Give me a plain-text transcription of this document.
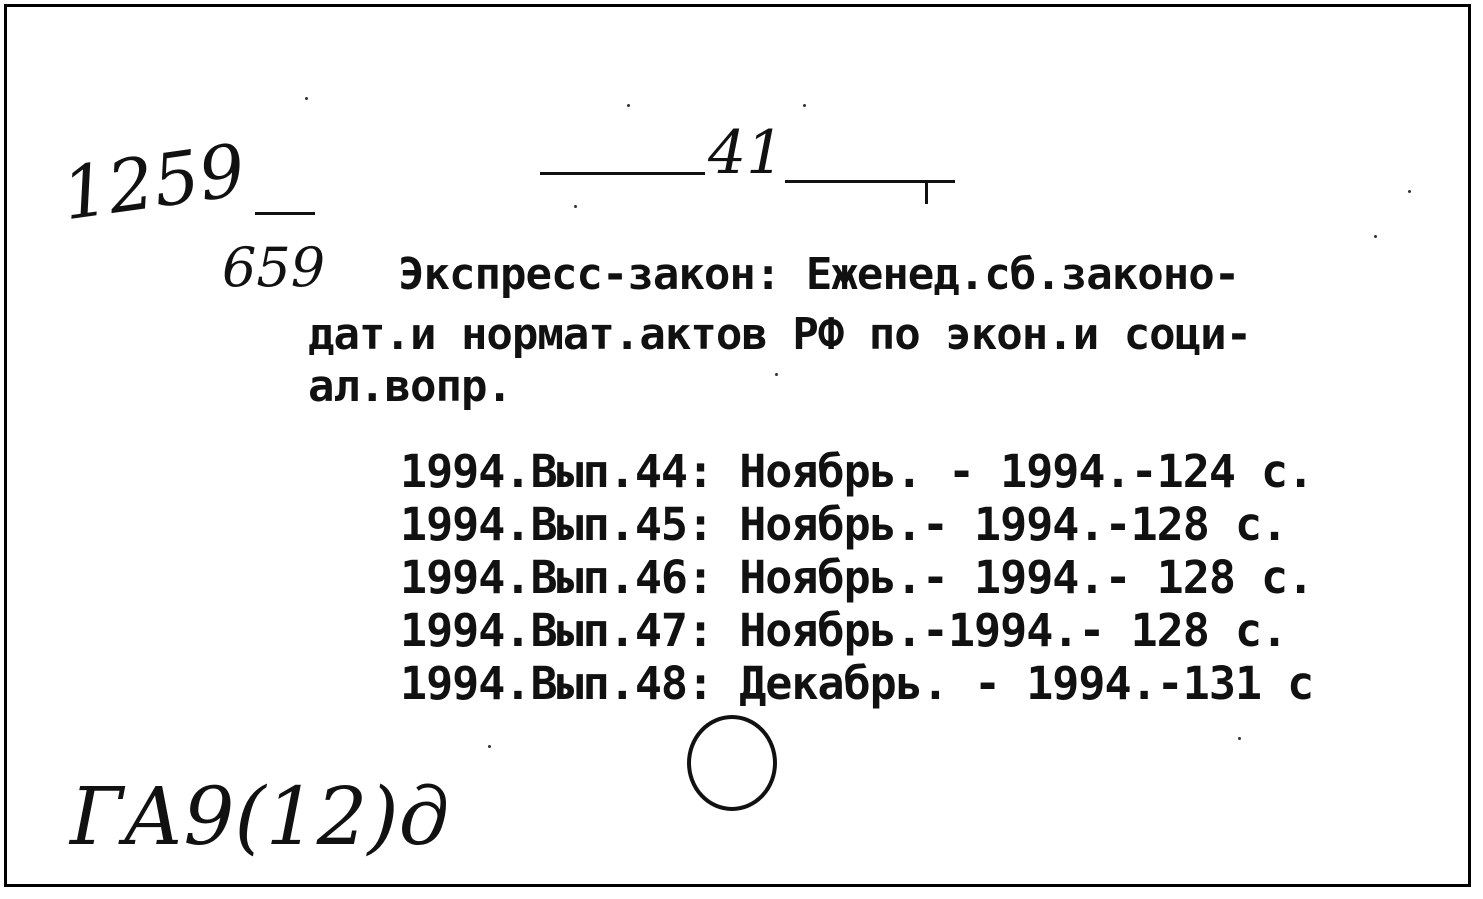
41
1259
659 Экспресс-закон: Еженед.сб.законо-
дат.и нормат.актов РФ по экон.и соци-
ал.вопр.
1994.Вып.44: Ноябрь. - 1994.-124 с.
1994.Вып.45: Ноябрь.- 1994.-128 с.
1994.Вып.46: Ноябрь.- 1994.- 128 с.
1994.Вып.47: Ноябрь.-1994.- 128 с.
1994.Вып.48: Декабрь. - 1994.-131 с
ГА9(12)д
